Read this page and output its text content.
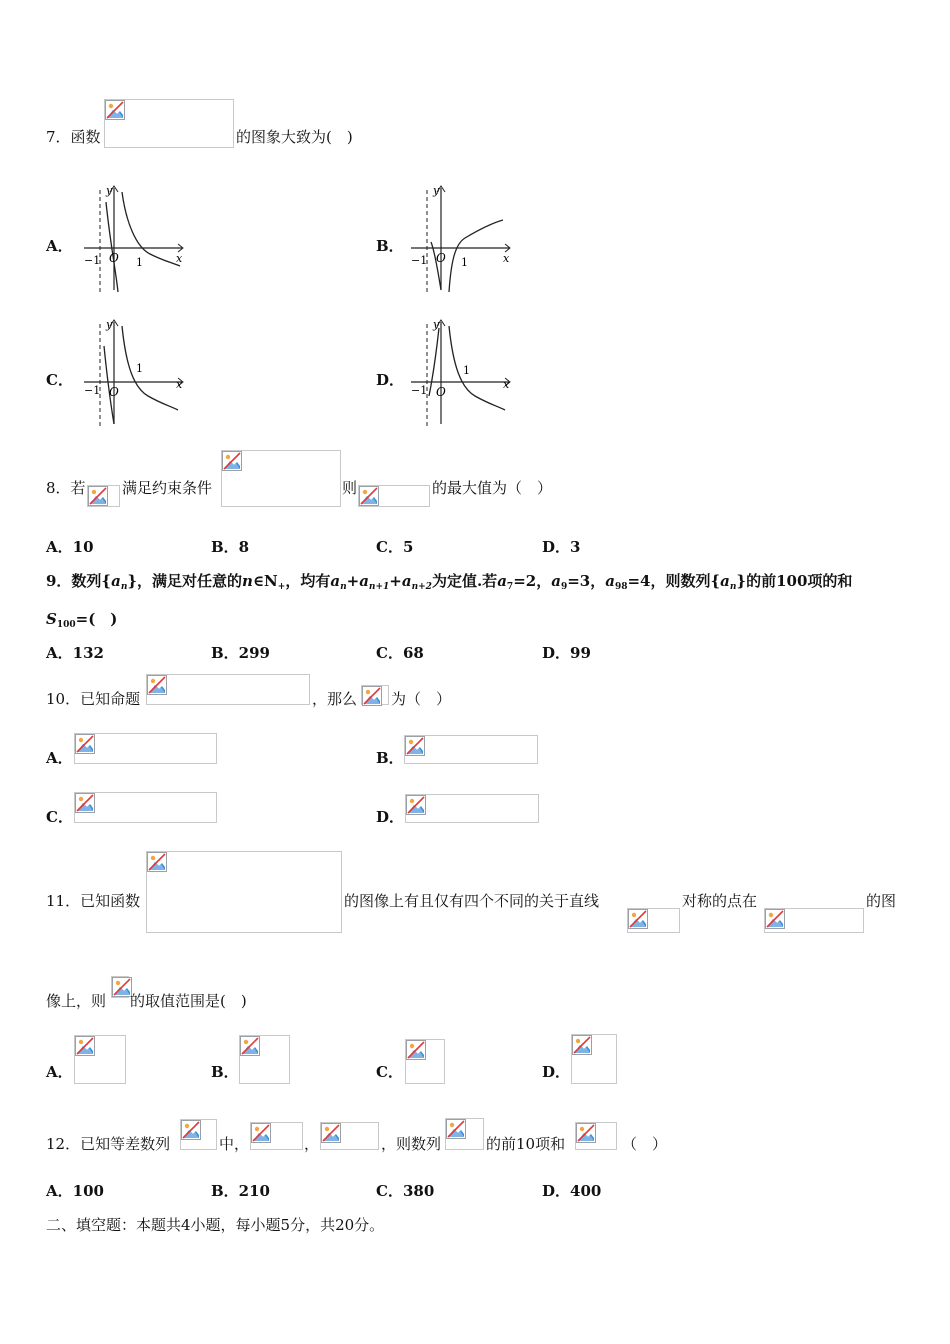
7．函数	的图象大致为(　)
A．
y
x
O
−1	1
B．
y
x
O
−1	1
C．
y
x
O
−1
1
D．
y
x
O
−1
1
8．若 满足约束条件	则	的最大值为（　）
A．10	B．8	C．5	D．3
9．数列$\{a_n\}$，满足对任意的$n\in N_+$，均有$a_n+a_{n+1}+a_{n+2}$为定值.若$a_7=2$，$a_9=3$，$a_{98}=4$，则数列$\{a_n\}$的前100项的和
$S_{100}=$(　)
A．132	B．299	C．68	D．99
10．已知命题	，那么 为（　）
A．	B．
C．	D．
11．已知函数	的图像上有且仅有四个不同的关于直线	对称的点在	的图
像上，则 的取值范围是(　)
A．	B．	C．	D．
12．已知等差数列	中，	，	，则数列	的前10项和	（　）
A．100	B．210	C．380	D．400
二、填空题：本题共4小题，每小题5分，共20分。
